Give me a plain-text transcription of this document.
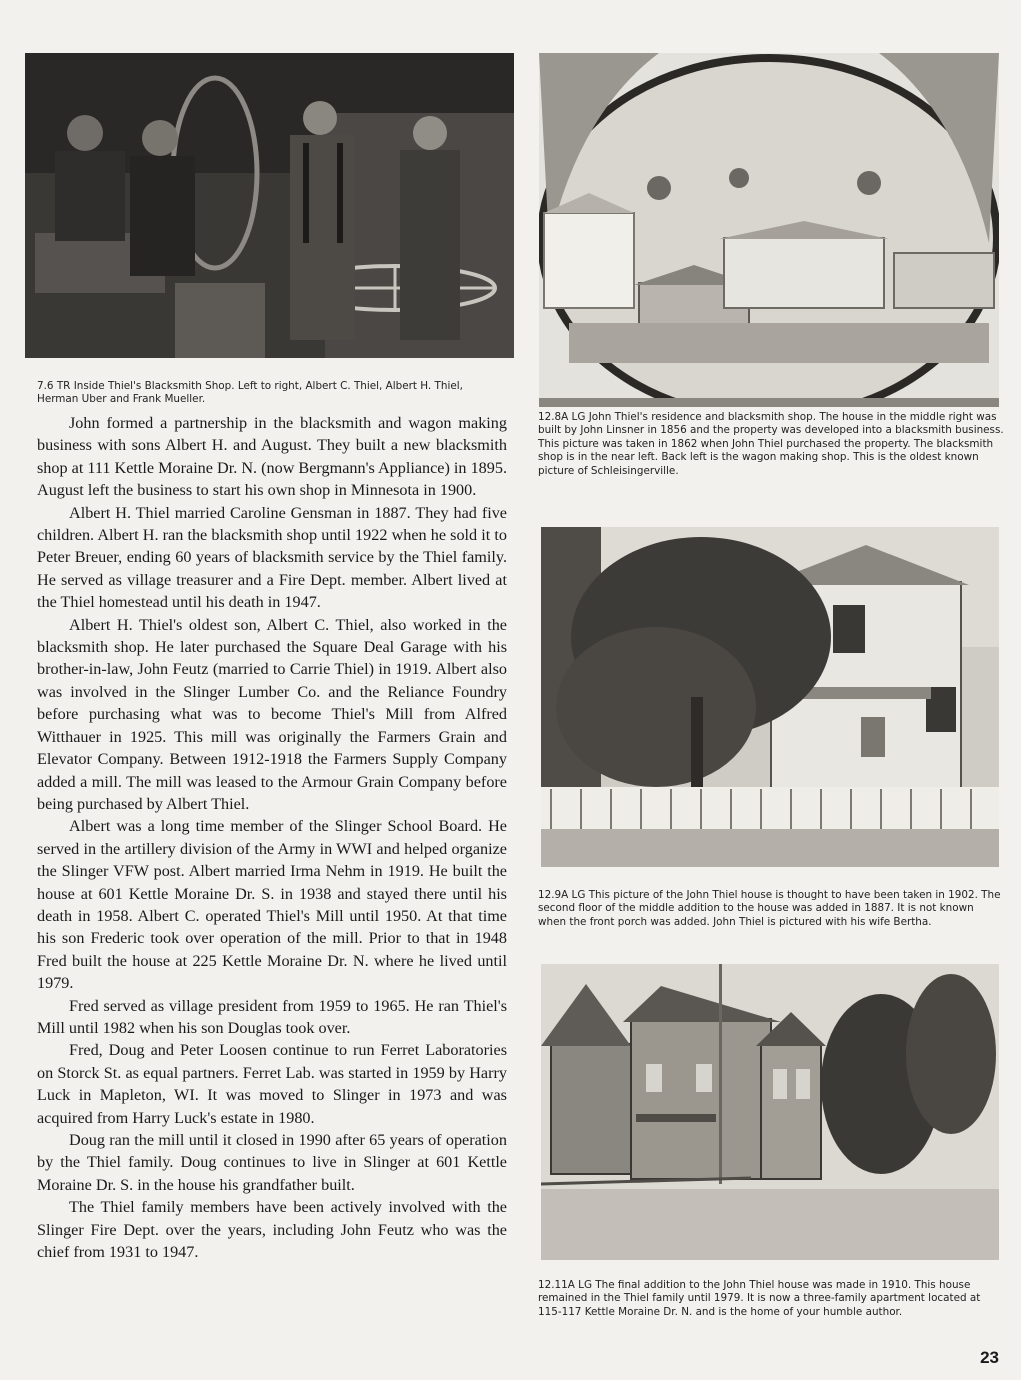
7.6 TR Inside Thiel's Blacksmith Shop. Left to right, Albert C. Thiel, Albert H. Thiel, Herman Uber and Frank Mueller.

12.8A LG John Thiel's residence and blacksmith shop. The house in the middle right was built by John Linsner in 1856 and the property was developed into a blacksmith business. This picture was taken in 1862 when John Thiel purchased the property. The blacksmith shop is in the near left. Back left is the wagon making shop. This is the oldest known picture of Schleisingerville.

12.9A LG This picture of the John Thiel house is thought to have been taken in 1902. The second floor of the middle addition to the house was added in 1887. It is not known when the front porch was added. John Thiel is pictured with his wife Bertha.

12.11A LG The final addition to the John Thiel house was made in 1910. This house remained in the Thiel family until 1979. It is now a three-family apartment located at 115-117 Kettle Moraine Dr. N. and is the home of your humble author.

John formed a partnership in the blacksmith and wagon making business with sons Albert H. and August. They built a new blacksmith shop at 111 Kettle Moraine Dr. N. (now Bergmann's Appliance) in 1895. August left the business to start his own shop in Minnesota in 1900.

Albert H. Thiel married Caroline Gensman in 1887. They had five children. Albert H. ran the blacksmith shop until 1922 when he sold it to Peter Breuer, ending 60 years of blacksmith service by the Thiel family. He served as village treasurer and a Fire Dept. member. Albert lived at the Thiel homestead until his death in 1947.

Albert H. Thiel's oldest son, Albert C. Thiel, also worked in the blacksmith shop. He later purchased the Square Deal Garage with his brother-in-law, John Feutz (married to Carrie Thiel) in 1919. Albert also was involved in the Slinger Lumber Co. and the Reliance Foundry before purchasing what was to become Thiel's Mill from Alfred Witthauer in 1925. This mill was originally the Farmers Grain and Elevator Company. Between 1912-1918 the Farmers Supply Company added a mill. The mill was leased to the Armour Grain Company before being purchased by Albert Thiel.

Albert was a long time member of the Slinger School Board. He served in the artillery division of the Army in WWI and helped organize the Slinger VFW post. Albert married Irma Nehm in 1919. He built the house at 601 Kettle Moraine Dr. S. in 1938 and stayed there until his death in 1958. Albert C. operated Thiel's Mill until 1950. At that time his son Frederic took over operation of the mill. Prior to that in 1948 Fred built the house at 225 Kettle Moraine Dr. N. where he lived until 1979.

Fred served as village president from 1959 to 1965. He ran Thiel's Mill until 1982 when his son Douglas took over.

Fred, Doug and Peter Loosen continue to run Ferret Laboratories on Storck St. as equal partners. Ferret Lab. was started in 1959 by Harry Luck in Mapleton, WI. It was moved to Slinger in 1973 and was acquired from Harry Luck's estate in 1980.

Doug ran the mill until it closed in 1990 after 65 years of operation by the Thiel family. Doug continues to live in Slinger at 601 Kettle Moraine Dr. S. in the house his grandfather built.

The Thiel family members have been actively involved with the Slinger Fire Dept. over the years, including John Feutz who was the chief from 1931 to 1947.

23
